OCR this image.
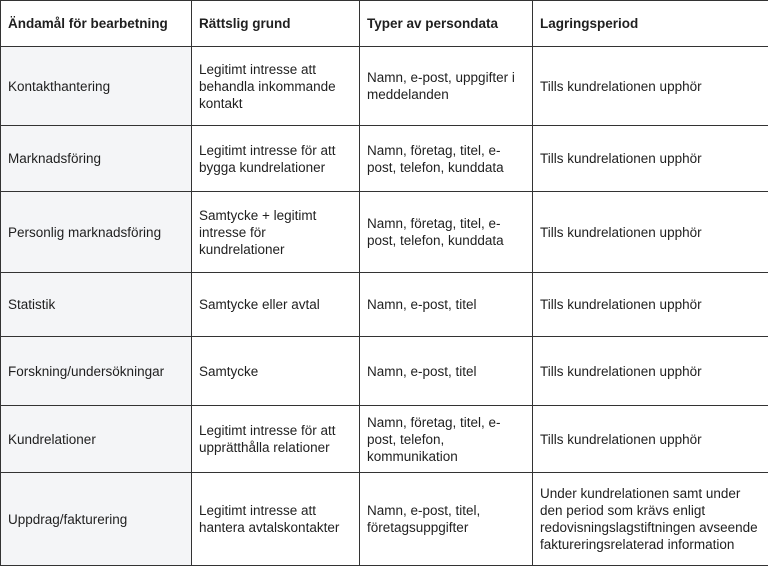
Ändamål för bearbetning	Rättslig grund	Typer av persondata	Lagringsperiod
Kontakthantering	Legitimt intresse att behandla inkommande kontakt	Namn, e-post, uppgifter i meddelanden	Tills kundrelationen upphör
Marknadsföring	Legitimt intresse för att bygga kundrelationer	Namn, företag, titel, e-post, telefon, kunddata	Tills kundrelationen upphör
Personlig marknadsföring	Samtycke + legitimt intresse för kundrelationer	Namn, företag, titel, e-post, telefon, kunddata	Tills kundrelationen upphör
Statistik	Samtycke eller avtal	Namn, e-post, titel	Tills kundrelationen upphör
Forskning/undersökningar	Samtycke	Namn, e-post, titel	Tills kundrelationen upphör
Kundrelationer	Legitimt intresse för att upprätthålla relationer	Namn, företag, titel, e-post, telefon, kommunikation	Tills kundrelationen upphör
Uppdrag/fakturering	Legitimt intresse att hantera avtalskontakter	Namn, e-post, titel, företagsuppgifter	Under kundrelationen samt under den period som krävs enligt redovisningslagstiftningen avseende faktureringsrelaterad information
